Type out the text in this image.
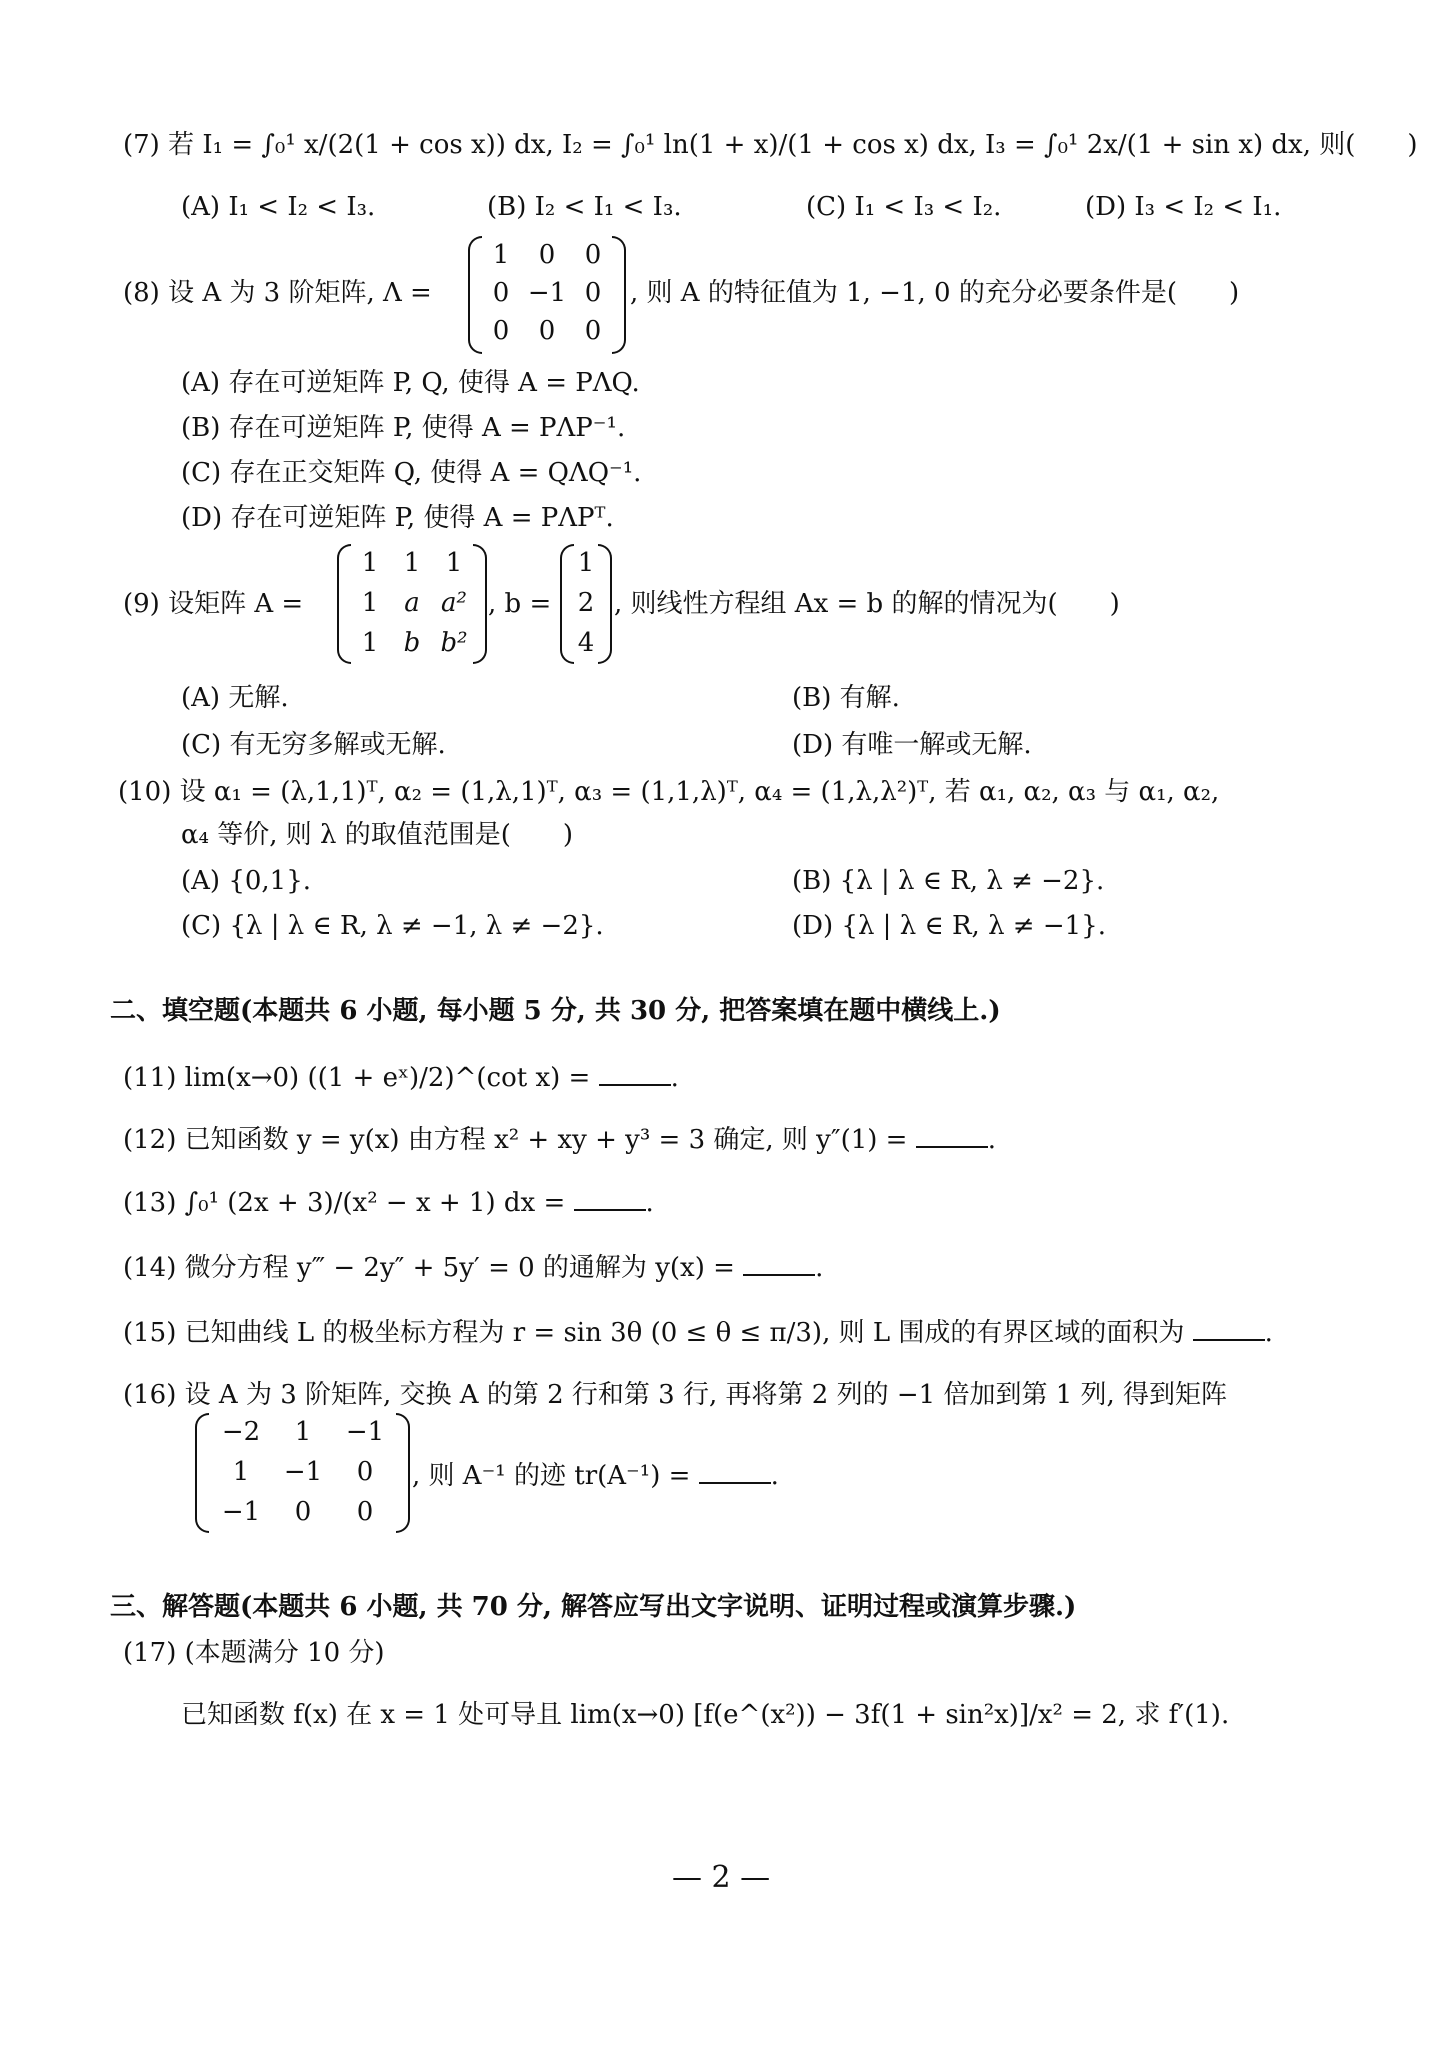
(7) 若 I₁ = ∫₀¹ x/(2(1 + cos x)) dx, I₂ = ∫₀¹ ln(1 + x)/(1 + cos x) dx, I₃ = ∫₀¹ 2x/(1 + sin x) dx, 则(　　)
(A) I₁ < I₂ < I₃.	(B) I₂ < I₁ < I₃.	(C) I₁ < I₃ < I₂.	(D) I₃ < I₂ < I₁.
(8) 设 A 为 3 阶矩阵, Λ =
1	0	0
0 −1 0
0	0	0
, 则 A 的特征值为 1, −1, 0 的充分必要条件是(　　)
(A) 存在可逆矩阵 P, Q, 使得 A = PΛQ.
(B) 存在可逆矩阵 P, 使得 A = PΛP⁻¹.
(C) 存在正交矩阵 Q, 使得 A = QΛQ⁻¹.
(D) 存在可逆矩阵 P, 使得 A = PΛPᵀ.
(9) 设矩阵 A =
1 1 1
1 a a²
1 b b²
, b =
1
2
4
, 则线性方程组 Ax = b 的解的情况为(　　)
(A) 无解.	(B) 有解.
(C) 有无穷多解或无解.	(D) 有唯一解或无解.
(10) 设 α₁ = (λ,1,1)ᵀ, α₂ = (1,λ,1)ᵀ, α₃ = (1,1,λ)ᵀ, α₄ = (1,λ,λ²)ᵀ, 若 α₁, α₂, α₃ 与 α₁, α₂,
α₄ 等价, 则 λ 的取值范围是(　　)
(A) {0,1}.	(B) {λ | λ ∈ R, λ ≠ −2}.
(C) {λ | λ ∈ R, λ ≠ −1, λ ≠ −2}.	(D) {λ | λ ∈ R, λ ≠ −1}.
二、填空题(本题共 6 小题, 每小题 5 分, 共 30 分, 把答案填在题中横线上.)
(11) lim(x→0) ((1 + eˣ)/2)^(cot x) =	.
(12) 已知函数 y = y(x) 由方程 x² + xy + y³ = 3 确定, 则 y″(1) =	.
(13) ∫₀¹ (2x + 3)/(x² − x + 1) dx =	.
(14) 微分方程 y‴ − 2y″ + 5y′ = 0 的通解为 y(x) =	.
(15) 已知曲线 L 的极坐标方程为 r = sin 3θ (0 ≤ θ ≤ π/3), 则 L 围成的有界区域的面积为	.
(16) 设 A 为 3 阶矩阵, 交换 A 的第 2 行和第 3 行, 再将第 2 列的 −1 倍加到第 1 列, 得到矩阵
−2	1	−1
1	−1	0
−1	0	0
, 则 A⁻¹ 的迹 tr(A⁻¹) =	.
三、解答题(本题共 6 小题, 共 70 分, 解答应写出文字说明、证明过程或演算步骤.)
(17) (本题满分 10 分)
已知函数 f(x) 在 x = 1 处可导且 lim(x→0) [f(e^(x²)) − 3f(1 + sin²x)]/x² = 2, 求 f′(1).
— 2 —
